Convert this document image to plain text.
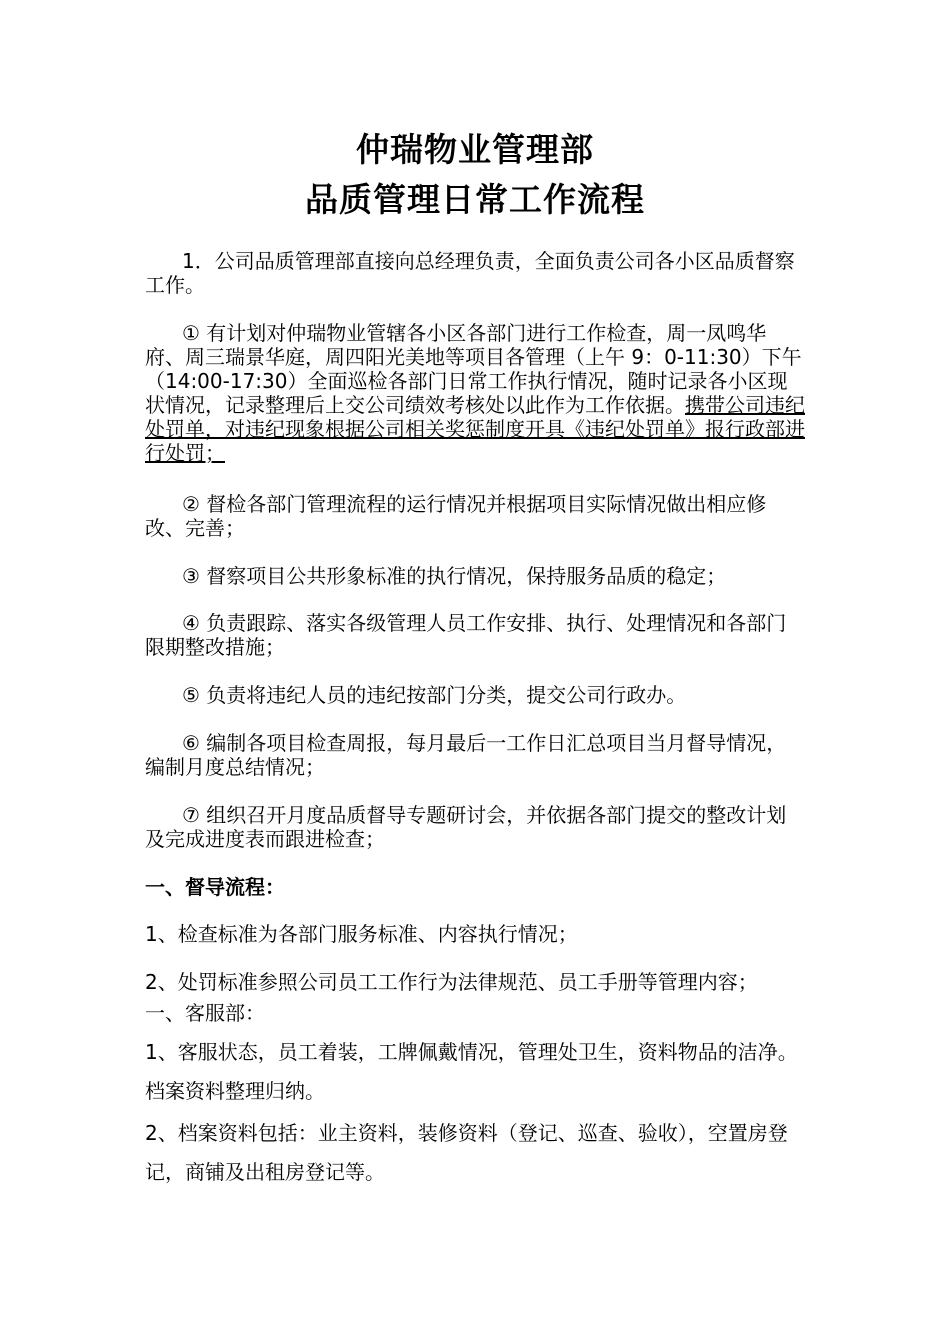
仲瑞物业管理部
品质管理日常工作流程

1．公司品质管理部直接向总经理负责，全面负责公司各小区品质督察工作。

① 有计划对仲瑞物业管辖各小区各部门进行工作检查，周一凤鸣华府、周三瑞景华庭，周四阳光美地等项目各管理（上午 9：0-11:30）下午（14:00-17:30）全面巡检各部门日常工作执行情况，随时记录各小区现状情况，记录整理后上交公司绩效考核处以此作为工作依据。携带公司违纪处罚单，对违纪现象根据公司相关奖惩制度开具《违纪处罚单》报行政部进行处罚；

② 督检各部门管理流程的运行情况并根据项目实际情况做出相应修改、完善；

③ 督察项目公共形象标准的执行情况，保持服务品质的稳定；

④ 负责跟踪、落实各级管理人员工作安排、执行、处理情况和各部门限期整改措施；

⑤ 负责将违纪人员的违纪按部门分类，提交公司行政办。

⑥ 编制各项目检查周报，每月最后一工作日汇总项目当月督导情况，编制月度总结情况；

⑦ 组织召开月度品质督导专题研讨会，并依据各部门提交的整改计划及完成进度表而跟进检查；

一、督导流程：

1、检查标准为各部门服务标准、内容执行情况；

2、处罚标准参照公司员工工作行为法律规范、员工手册等管理内容；

一、客服部：

1、客服状态，员工着装，工牌佩戴情况，管理处卫生，资料物品的洁净。档案资料整理归纳。

2、档案资料包括：业主资料，装修资料（登记、巡查、验收），空置房登记，商铺及出租房登记等。
